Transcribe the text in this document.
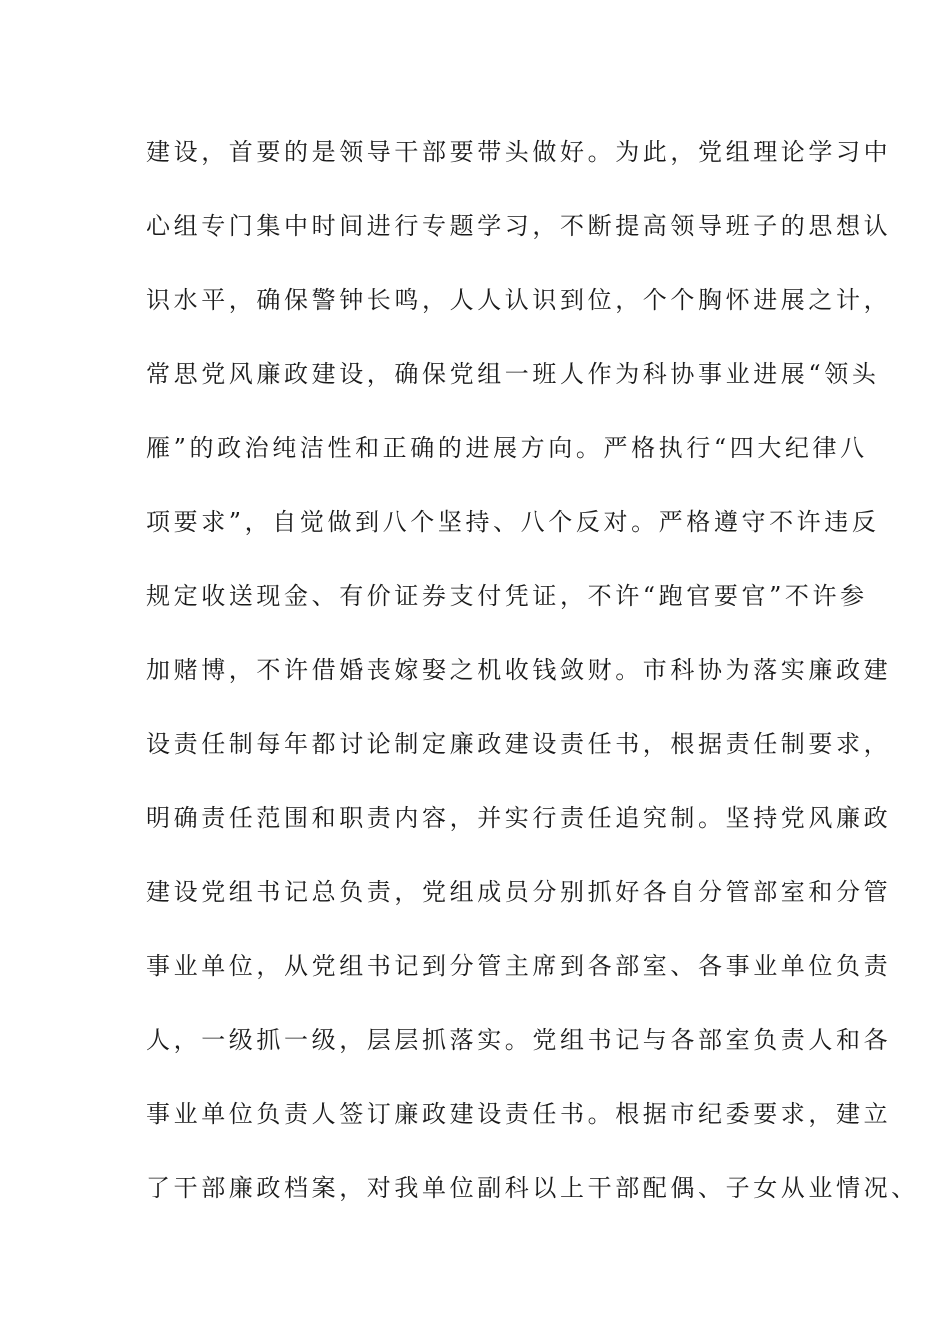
建设，首要的是领导干部要带头做好。为此，党组理论学习中
心组专门集中时间进行专题学习，不断提高领导班子的思想认
识水平，确保警钟长鸣，人人认识到位，个个胸怀进展之计，
常思党风廉政建设，确保党组一班人作为科协事业进展“领头
雁”的政治纯洁性和正确的进展方向。严格执行“四大纪律八
项要求”，自觉做到八个坚持、八个反对。严格遵守不许违反
规定收送现金、有价证券支付凭证，不许“跑官要官”不许参
加赌博，不许借婚丧嫁娶之机收钱敛财。市科协为落实廉政建
设责任制每年都讨论制定廉政建设责任书，根据责任制要求，
明确责任范围和职责内容，并实行责任追究制。坚持党风廉政
建设党组书记总负责，党组成员分别抓好各自分管部室和分管
事业单位，从党组书记到分管主席到各部室、各事业单位负责
人，一级抓一级，层层抓落实。党组书记与各部室负责人和各
事业单位负责人签订廉政建设责任书。根据市纪委要求，建立
了干部廉政档案，对我单位副科以上干部配偶、子女从业情况、
